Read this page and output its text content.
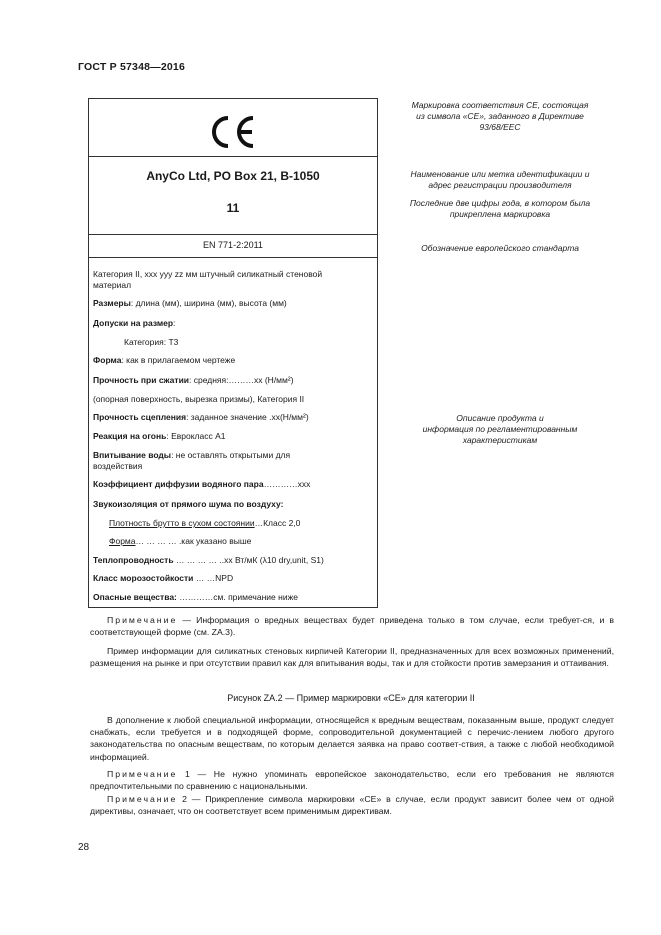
ГОСТ Р 57348—2016
AnyCo Ltd, PO Box 21, B-1050
11
EN 771-2:2011
Категория II, xxx yyy zz мм штучный силикатный стеновой
материал
Размеры: длина (мм), ширина (мм), высота (мм)
Допуски на размер:
Категория: T3
Форма: как в прилагаемом чертеже
Прочность при сжатии: средняя:………xx (Н/мм²)
(опорная поверхность, вырезка призмы), Категория II
Прочность сцепления: заданное значение .xx(Н/мм²)
Реакция на огонь: Еврокласс А1
Впитывание воды: не оставлять открытыми для
воздействия
Коэффициент диффузии водяного пара…………xxx
Звукоизоляция от прямого шума по воздуху:
Плотность брутто в сухом состоянии…Класс 2,0
Форма… … … … .как указано выше
Теплопроводность … … … … ..xx Вт/мК (λ10 dry,unit, S1)
Класс морозостойкости … …NPD
Опасные вещества: …………см. примечание ниже
Маркировка соответствия CE, состоящая
из символа «CE», заданного в Директиве
93/68/EEC
Наименование или метка идентификации и
адрес регистрации производителя
Последние две цифры года, в котором была
прикреплена маркировка
Обозначение европейского стандарта
Описание продукта и
информация по регламентированным
характеристикам
Примечание — Информация о вредных веществах будет приведена только в том случае, если требует-ся, и в соответствующей форме (см. ZA.3).
Пример информации для силикатных стеновых кирпичей Категории II, предназначенных для всех возможных применений, размещения на рынке и при отсутствии правил как для впитывания воды, так и для стойкости против замерзания и оттаивания.
Рисунок ZA.2 — Пример маркировки «CE» для категории II
В дополнение к любой специальной информации, относящейся к вредным веществам, показанным выше, продукт следует снабжать, если требуется и в подходящей форме, сопроводительной документацией с перечис-лением любого другого законодательства по опасным веществам, по которым делается заявка на право соответ-ствия, а также с любой необходимой информацией.
Примечание 1 — Не нужно упоминать европейское законодательство, если его требования не являются предпочтительными по сравнению с национальными.
Примечание 2 — Прикрепление символа маркировки «CE» в случае, если продукт зависит более чем от одной директивы, означает, что он соответствует всем применимым директивам.
28
